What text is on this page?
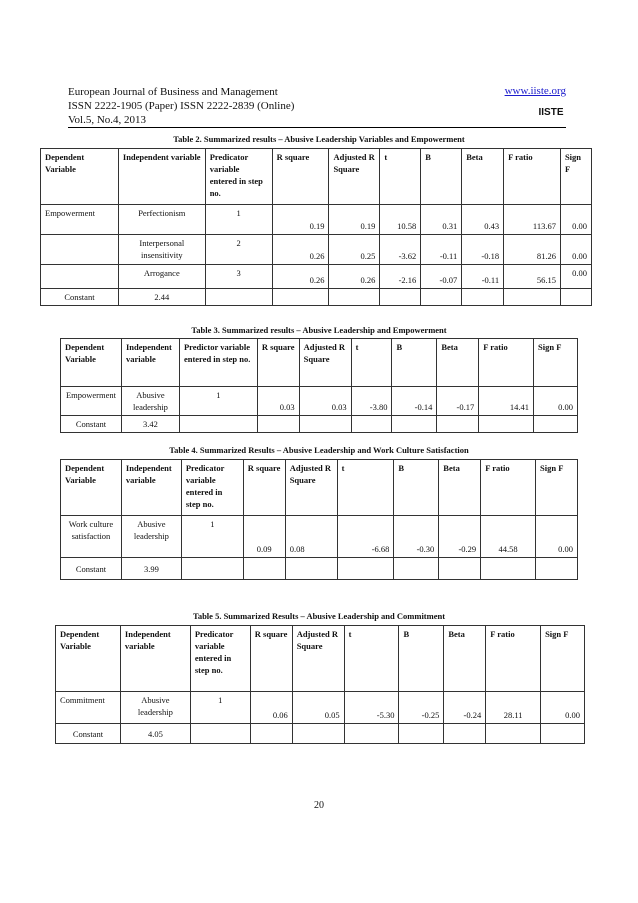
European Journal of Business and Management
ISSN 2222-1905 (Paper) ISSN 2222-2839 (Online)
Vol.5, No.4, 2013
www.iiste.org
IISTE
Table 2. Summarized results – Abusive Leadership Variables and Empowerment
Dependent Variable	Independent variable	Predicator variable entered in step no.	R square	Adjusted R Square	t	B	Beta	F ratio	Sign F
Empowerment	Perfectionism	1	0.19	0.19	10.58	0.31	0.43	113.67	0.00
	Interpersonal insensitivity	2	0.26	0.25	-3.62	-0.11	-0.18	81.26	0.00
	Arrogance	3	0.26	0.26	-2.16	-0.07	-0.11	56.15	0.00
Constant	2.44								
Table 3. Summarized results – Abusive Leadership and Empowerment
Dependent Variable	Independent variable	Predictor variable entered in step no.	R square	Adjusted R Square	t	B	Beta	F ratio	Sign F
Empowerment	Abusive leadership	1	0.03	0.03	-3.80	-0.14	-0.17	14.41	0.00
Constant	3.42								
Table 4. Summarized Results – Abusive Leadership and Work Culture Satisfaction
Dependent Variable	Independent variable	Predicator variable entered in step no.	R square	Adjusted R Square	t	B	Beta	F ratio	Sign F
Work culture satisfaction	Abusive leadership	1	0.09	0.08	-6.68	-0.30	-0.29	44.58	0.00
Constant	3.99								
Table 5. Summarized Results – Abusive Leadership and Commitment
Dependent Variable	Independent variable	Predicator variable entered in step no.	R square	Adjusted R Square	t	B	Beta	F ratio	Sign F
Commitment	Abusive leadership	1	0.06	0.05	-5.30	-0.25	-0.24	28.11	0.00
Constant	4.05								
20
